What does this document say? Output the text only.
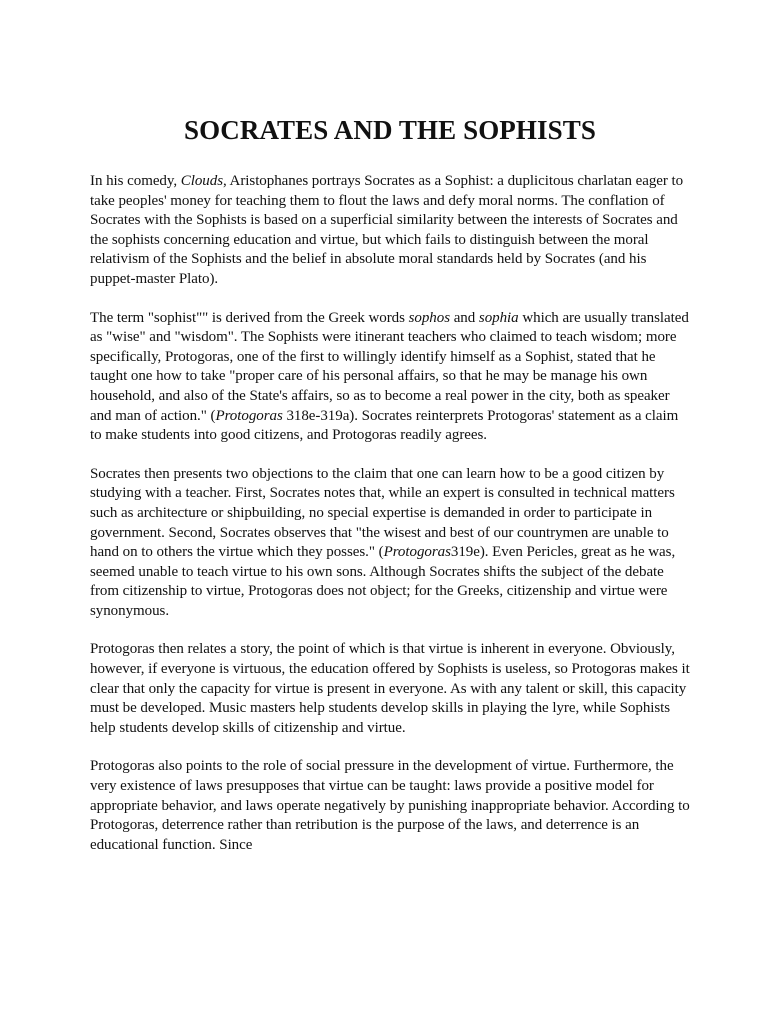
SOCRATES AND THE SOPHISTS

In his comedy, Clouds, Aristophanes portrays Socrates as a Sophist: a duplicitous charlatan eager to take peoples' money for teaching them to flout the laws and defy moral norms. The conflation of Socrates with the Sophists is based on a superficial similarity between the interests of Socrates and the sophists concerning education and virtue, but which fails to distinguish between the moral relativism of the Sophists and the belief in absolute moral standards held by Socrates (and his puppet-master Plato).

The term "sophist"" is derived from the Greek words sophos and sophia which are usually translated as "wise" and "wisdom". The Sophists were itinerant teachers who claimed to teach wisdom; more specifically, Protogoras, one of the first to willingly identify himself as a Sophist, stated that he taught one how to take "proper care of his personal affairs, so that he may be manage his own household, and also of the State's affairs, so as to become a real power in the city, both as speaker and man of action." (Protogoras 318e-319a). Socrates reinterprets Protogoras' statement as a claim to make students into good citizens, and Protogoras readily agrees.

Socrates then presents two objections to the claim that one can learn how to be a good citizen by studying with a teacher. First, Socrates notes that, while an expert is consulted in technical matters such as architecture or shipbuilding, no special expertise is demanded in order to participate in government. Second, Socrates observes that "the wisest and best of our countrymen are unable to hand on to others the virtue which they posses." (Protogoras319e). Even Pericles, great as he was, seemed unable to teach virtue to his own sons. Although Socrates shifts the subject of the debate from citizenship to virtue, Protogoras does not object; for the Greeks, citizenship and virtue were synonymous.

Protogoras then relates a story, the point of which is that virtue is inherent in everyone. Obviously, however, if everyone is virtuous, the education offered by Sophists is useless, so Protogoras makes it clear that only the capacity for virtue is present in everyone. As with any talent or skill, this capacity must be developed. Music masters help students develop skills in playing the lyre, while Sophists help students develop skills of citizenship and virtue.

Protogoras also points to the role of social pressure in the development of virtue. Furthermore, the very existence of laws presupposes that virtue can be taught: laws provide a positive model for appropriate behavior, and laws operate negatively by punishing inappropriate behavior. According to Protogoras, deterrence rather than retribution is the purpose of the laws, and deterrence is an educational function. Since
